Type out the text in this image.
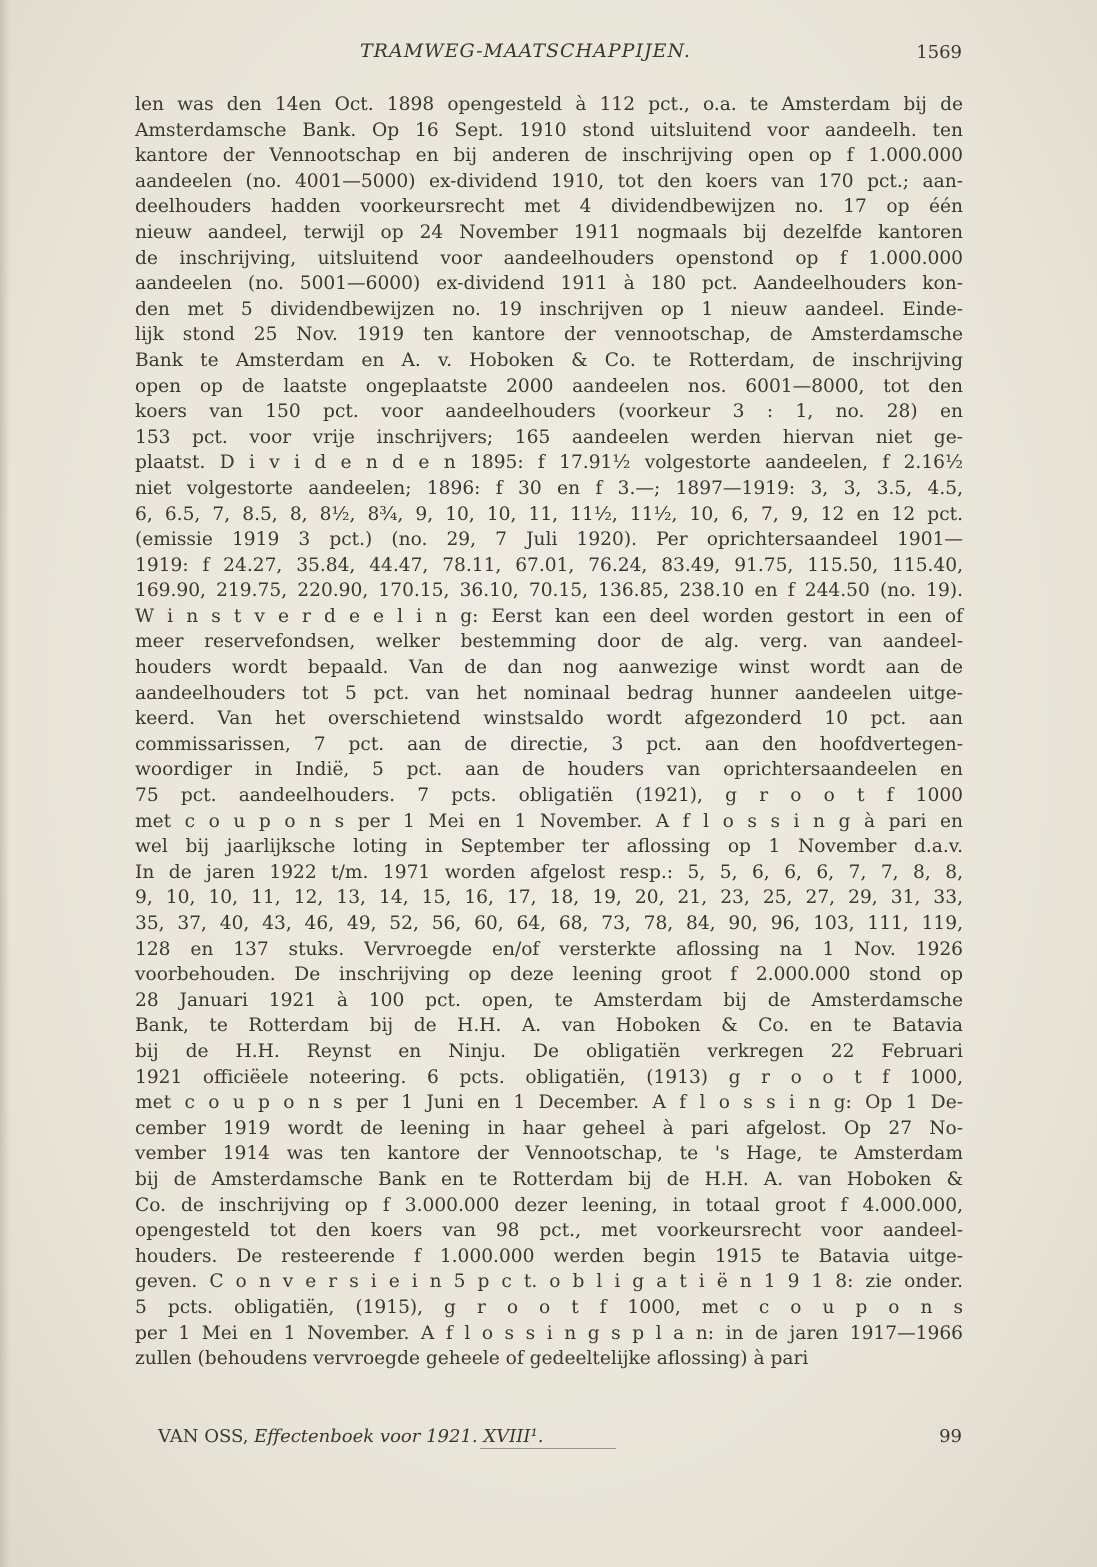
TRAMWEG-MAATSCHAPPIJEN.	1569
len was den 14en Oct. 1898 opengesteld à 112 pct., o.a. te Amsterdam bij de
Amsterdamsche Bank. Op 16 Sept. 1910 stond uitsluitend voor aandeelh. ten
kantore der Vennootschap en bij anderen de inschrijving open op f 1.000.000
aandeelen (no. 4001—5000) ex-dividend 1910, tot den koers van 170 pct.; aan-
deelhouders hadden voorkeursrecht met 4 dividendbewijzen no. 17 op één
nieuw aandeel, terwijl op 24 November 1911 nogmaals bij dezelfde kantoren
de inschrijving, uitsluitend voor aandeelhouders openstond op f 1.000.000
aandeelen (no. 5001—6000) ex-dividend 1911 à 180 pct. Aandeelhouders kon-
den met 5 dividendbewijzen no. 19 inschrijven op 1 nieuw aandeel. Einde-
lijk stond 25 Nov. 1919 ten kantore der vennootschap, de Amsterdamsche
Bank te Amsterdam en A. v. Hoboken & Co. te Rotterdam, de inschrijving
open op de laatste ongeplaatste 2000 aandeelen nos. 6001—8000, tot den
koers van 150 pct. voor aandeelhouders (voorkeur 3 : 1, no. 28) en
153 pct. voor vrije inschrijvers; 165 aandeelen werden hiervan niet ge-
plaatst. D i v i d e n d e n 1895: f 17.91½ volgestorte aandeelen, f 2.16½
niet volgestorte aandeelen; 1896: f 30 en f 3.—; 1897—1919: 3, 3, 3.5, 4.5,
6, 6.5, 7, 8.5, 8, 8½, 8¾, 9, 10, 10, 11, 11½, 11½, 10, 6, 7, 9, 12 en 12 pct.
(emissie 1919 3 pct.) (no. 29, 7 Juli 1920). Per oprichtersaandeel 1901—
1919: f 24.27, 35.84, 44.47, 78.11, 67.01, 76.24, 83.49, 91.75, 115.50, 115.40,
169.90, 219.75, 220.90, 170.15, 36.10, 70.15, 136.85, 238.10 en f 244.50 (no. 19).
W i n s t v e r d e e l i n g: Eerst kan een deel worden gestort in een of
meer reservefondsen, welker bestemming door de alg. verg. van aandeel-
houders wordt bepaald. Van de dan nog aanwezige winst wordt aan de
aandeelhouders tot 5 pct. van het nominaal bedrag hunner aandeelen uitge-
keerd. Van het overschietend winstsaldo wordt afgezonderd 10 pct. aan
commissarissen, 7 pct. aan de directie, 3 pct. aan den hoofdvertegen-
woordiger in Indië, 5 pct. aan de houders van oprichtersaandeelen en
75 pct. aandeelhouders. 7 pcts. obligatiën (1921), g r o o t f 1000
met c o u p o n s per 1 Mei en 1 November. A f l o s s i n g à pari en
wel bij jaarlijksche loting in September ter aflossing op 1 November d.a.v.
In de jaren 1922 t/m. 1971 worden afgelost resp.: 5, 5, 6, 6, 6, 7, 7, 8, 8,
9, 10, 10, 11, 12, 13, 14, 15, 16, 17, 18, 19, 20, 21, 23, 25, 27, 29, 31, 33,
35, 37, 40, 43, 46, 49, 52, 56, 60, 64, 68, 73, 78, 84, 90, 96, 103, 111, 119,
128 en 137 stuks. Vervroegde en/of versterkte aflossing na 1 Nov. 1926
voorbehouden. De inschrijving op deze leening groot f 2.000.000 stond op
28 Januari 1921 à 100 pct. open, te Amsterdam bij de Amsterdamsche
Bank, te Rotterdam bij de H.H. A. van Hoboken & Co. en te Batavia
bij de H.H. Reynst en Ninju. De obligatiën verkregen 22 Februari
1921 officiëele noteering. 6 pcts. obligatiën, (1913) g r o o t f 1000,
met c o u p o n s per 1 Juni en 1 December. A f l o s s i n g: Op 1 De-
cember 1919 wordt de leening in haar geheel à pari afgelost. Op 27 No-
vember 1914 was ten kantore der Vennootschap, te 's Hage, te Amsterdam
bij de Amsterdamsche Bank en te Rotterdam bij de H.H. A. van Hoboken &
Co. de inschrijving op f 3.000.000 dezer leening, in totaal groot f 4.000.000,
opengesteld tot den koers van 98 pct., met voorkeursrecht voor aandeel-
houders. De resteerende f 1.000.000 werden begin 1915 te Batavia uitge-
geven. C o n v e r s i e i n 5 p c t. o b l i g a t i ë n 1 9 1 8: zie onder.
5 pcts. obligatiën, (1915), g r o o t f 1000, met c o u p o n s
per 1 Mei en 1 November. A f l o s s i n g s p l a n: in de jaren 1917—1966
zullen (behoudens vervroegde geheele of gedeeltelijke aflossing) à pari
VAN OSS, Effectenboek voor 1921. XVIII¹.	99
